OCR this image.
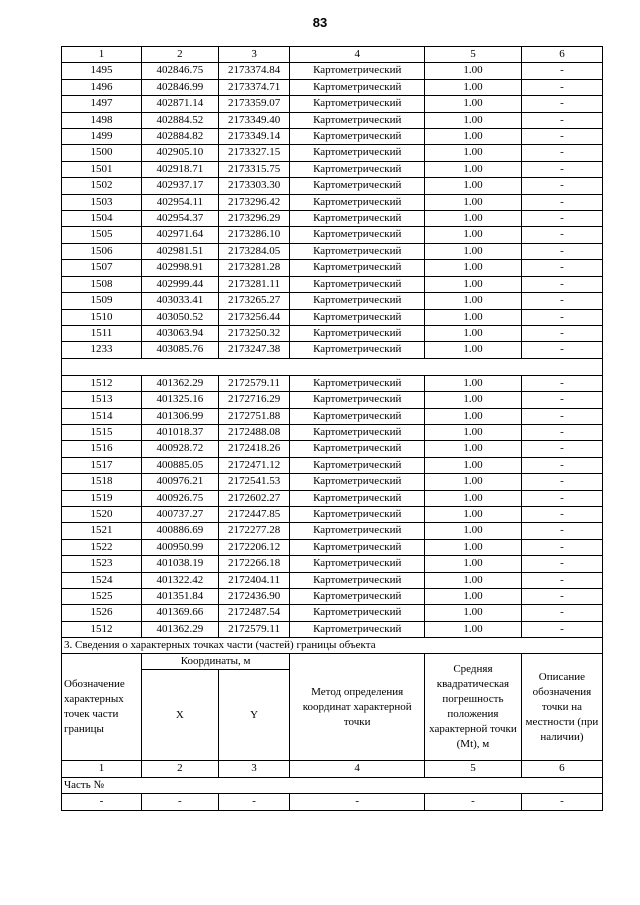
83
1	2	3	4	5	6
1495	402846.75	2173374.84	Картометрический	1.00	-
1496	402846.99	2173374.71	Картометрический	1.00	-
1497	402871.14	2173359.07	Картометрический	1.00	-
1498	402884.52	2173349.40	Картометрический	1.00	-
1499	402884.82	2173349.14	Картометрический	1.00	-
1500	402905.10	2173327.15	Картометрический	1.00	-
1501	402918.71	2173315.75	Картометрический	1.00	-
1502	402937.17	2173303.30	Картометрический	1.00	-
1503	402954.11	2173296.42	Картометрический	1.00	-
1504	402954.37	2173296.29	Картометрический	1.00	-
1505	402971.64	2173286.10	Картометрический	1.00	-
1506	402981.51	2173284.05	Картометрический	1.00	-
1507	402998.91	2173281.28	Картометрический	1.00	-
1508	402999.44	2173281.11	Картометрический	1.00	-
1509	403033.41	2173265.27	Картометрический	1.00	-
1510	403050.52	2173256.44	Картометрический	1.00	-
1511	403063.94	2173250.32	Картометрический	1.00	-
1233	403085.76	2173247.38	Картометрический	1.00	-

1512	401362.29	2172579.11	Картометрический	1.00	-
1513	401325.16	2172716.29	Картометрический	1.00	-
1514	401306.99	2172751.88	Картометрический	1.00	-
1515	401018.37	2172488.08	Картометрический	1.00	-
1516	400928.72	2172418.26	Картометрический	1.00	-
1517	400885.05	2172471.12	Картометрический	1.00	-
1518	400976.21	2172541.53	Картометрический	1.00	-
1519	400926.75	2172602.27	Картометрический	1.00	-
1520	400737.27	2172447.85	Картометрический	1.00	-
1521	400886.69	2172277.28	Картометрический	1.00	-
1522	400950.99	2172206.12	Картометрический	1.00	-
1523	401038.19	2172266.18	Картометрический	1.00	-
1524	401322.42	2172404.11	Картометрический	1.00	-
1525	401351.84	2172436.90	Картометрический	1.00	-
1526	401369.66	2172487.54	Картометрический	1.00	-
1512	401362.29	2172579.11	Картометрический	1.00	-
3. Сведения о характерных точках части (частей) границы объекта					
Обозначение характерных точек части границы	Координаты, м		Метод определения координат характерной точки	Средняя квадратическая погрешность положения характерной точки (Mt), м	Описание обозначения точки на местности (при наличии)
	X	Y			
1	2	3	4	5	6
Часть №					
-	-	-	-	-	-
